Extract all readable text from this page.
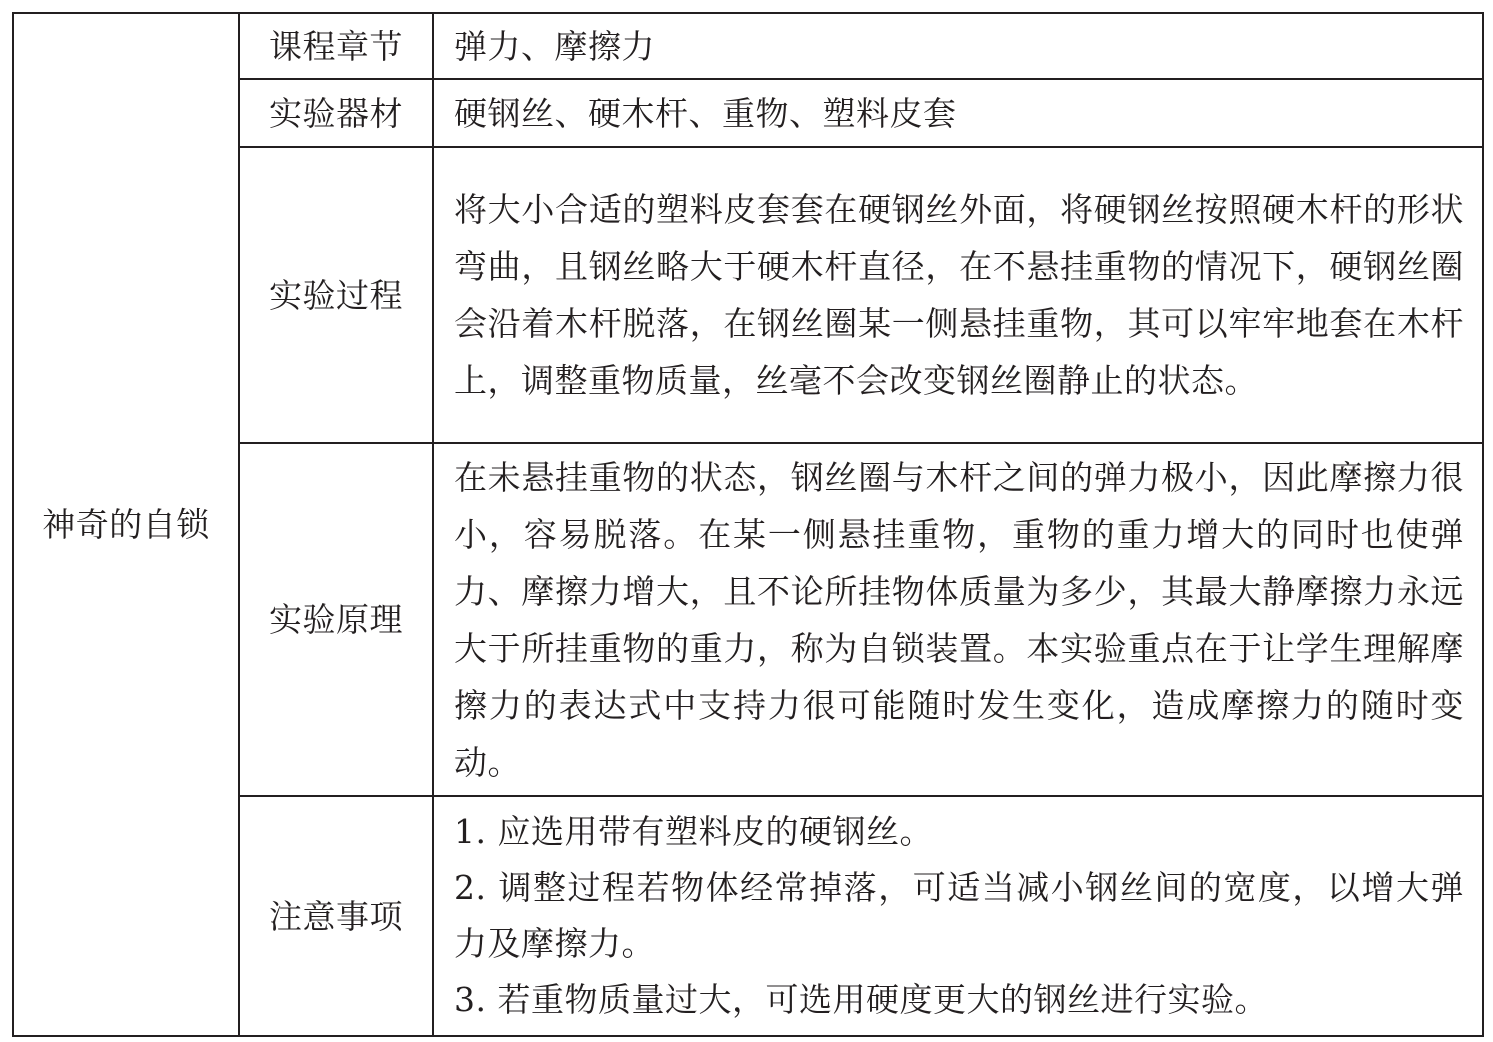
神奇的自锁	课程章节	弹力、摩擦力
	实验器材	硬钢丝、硬木杆、重物、塑料皮套
	实验过程	将大小合适的塑料皮套套在硬钢丝外面，将硬钢丝按照硬木杆的形状弯曲，且钢丝略大于硬木杆直径，在不悬挂重物的情况下，硬钢丝圈会沿着木杆脱落，在钢丝圈某一侧悬挂重物，其可以牢牢地套在木杆上，调整重物质量，丝毫不会改变钢丝圈静止的状态。
	实验原理	在未悬挂重物的状态，钢丝圈与木杆之间的弹力极小，因此摩擦力很小，容易脱落。在某一侧悬挂重物，重物的重力增大的同时也使弹力、摩擦力增大，且不论所挂物体质量为多少，其最大静摩擦力永远大于所挂重物的重力，称为自锁装置。本实验重点在于让学生理解摩擦力的表达式中支持力很可能随时发生变化，造成摩擦力的随时变动。
	注意事项	1. 应选用带有塑料皮的硬钢丝。
2. 调整过程若物体经常掉落，可适当减小钢丝间的宽度，以增大弹力及摩擦力。
3. 若重物质量过大，可选用硬度更大的钢丝进行实验。
